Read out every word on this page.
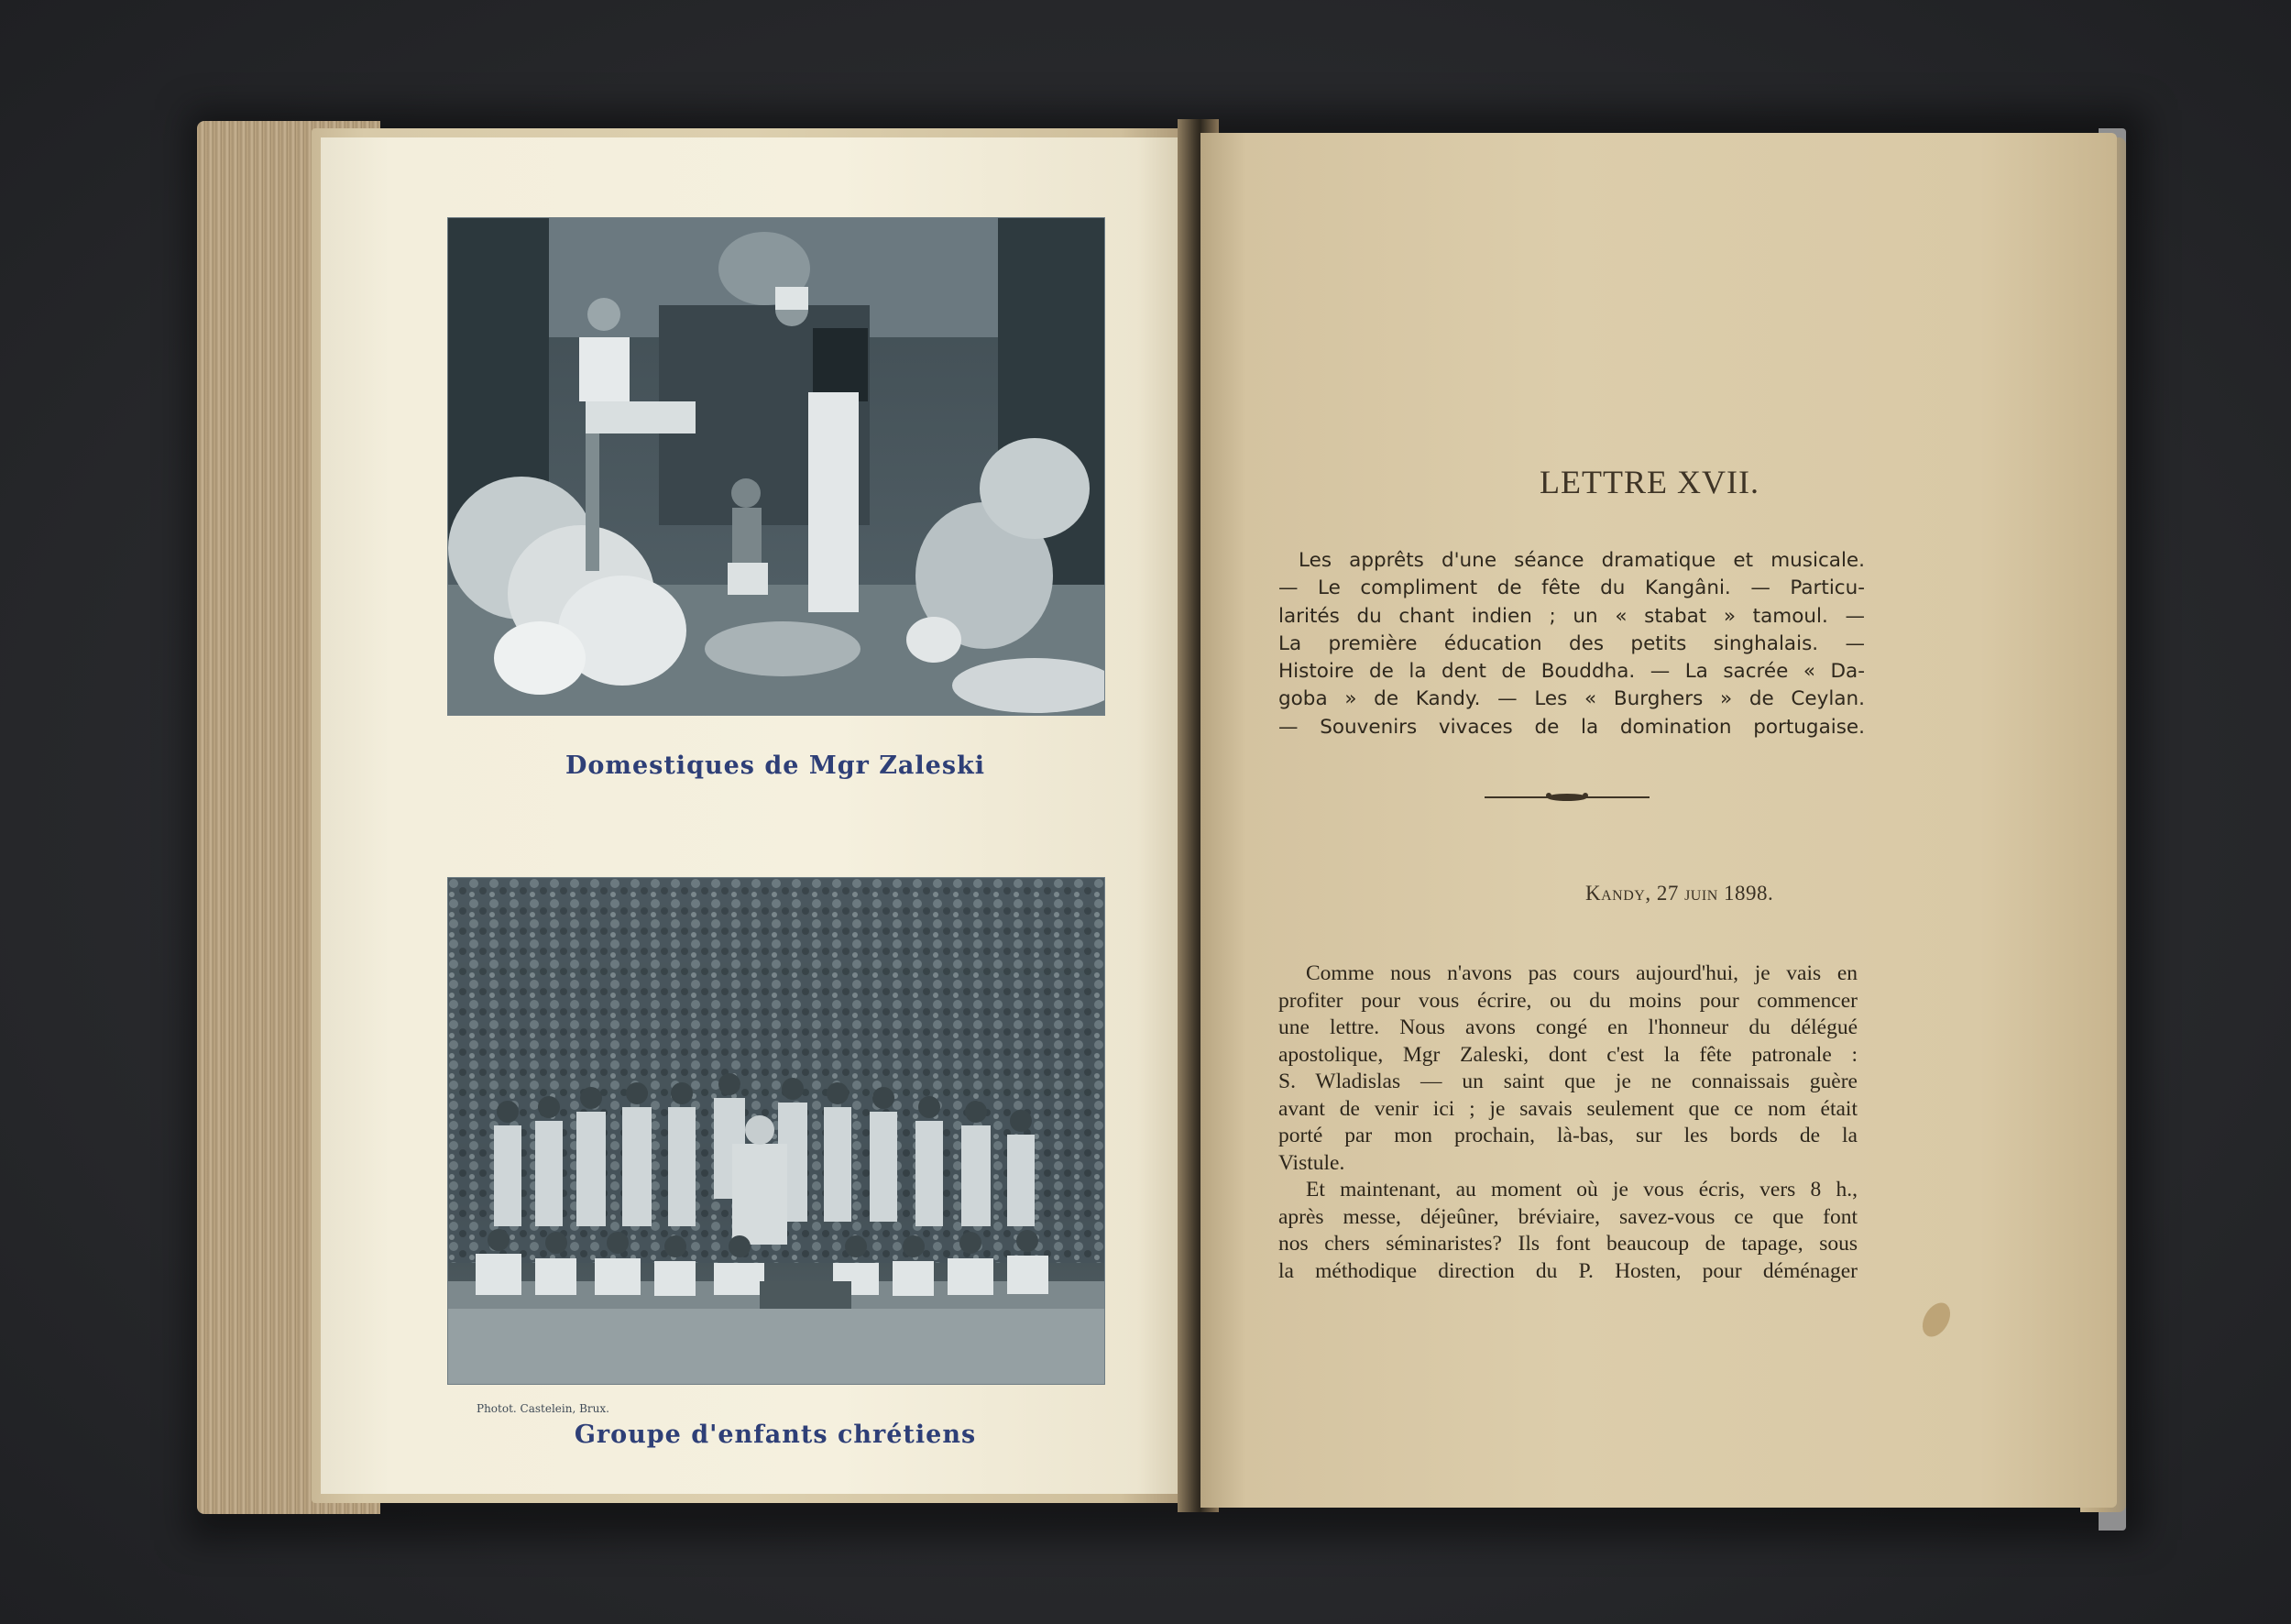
Domestiques de Mgr Zaleski
Photot. Castelein, Brux.
Groupe d'enfants chrétiens
LETTRE XVII.
Les apprêts d'une séance dramatique et musicale.
— Le compliment de fête du Kangâni. — Particu-
larités du chant indien ; un « stabat » tamoul. —
La première éducation des petits singhalais. —
Histoire de la dent de Bouddha. — La sacrée « Da-
goba » de Kandy. — Les « Burghers » de Ceylan.
— Souvenirs vivaces de la domination portugaise.
Kandy, 27 juin 1898.
Comme nous n'avons pas cours aujourd'hui, je vais en
profiter pour vous écrire, ou du moins pour commencer
une lettre. Nous avons congé en l'honneur du délégué
apostolique, Mgr Zaleski, dont c'est la fête patronale :
S. Wladislas — un saint que je ne connaissais guère
avant de venir ici ; je savais seulement que ce nom était
porté par mon prochain, là-bas, sur les bords de la
Vistule.
Et maintenant, au moment où je vous écris, vers 8 h.,
après messe, déjeûner, bréviaire, savez-vous ce que font
nos chers séminaristes? Ils font beaucoup de tapage, sous
la méthodique direction du P. Hosten, pour déménager
